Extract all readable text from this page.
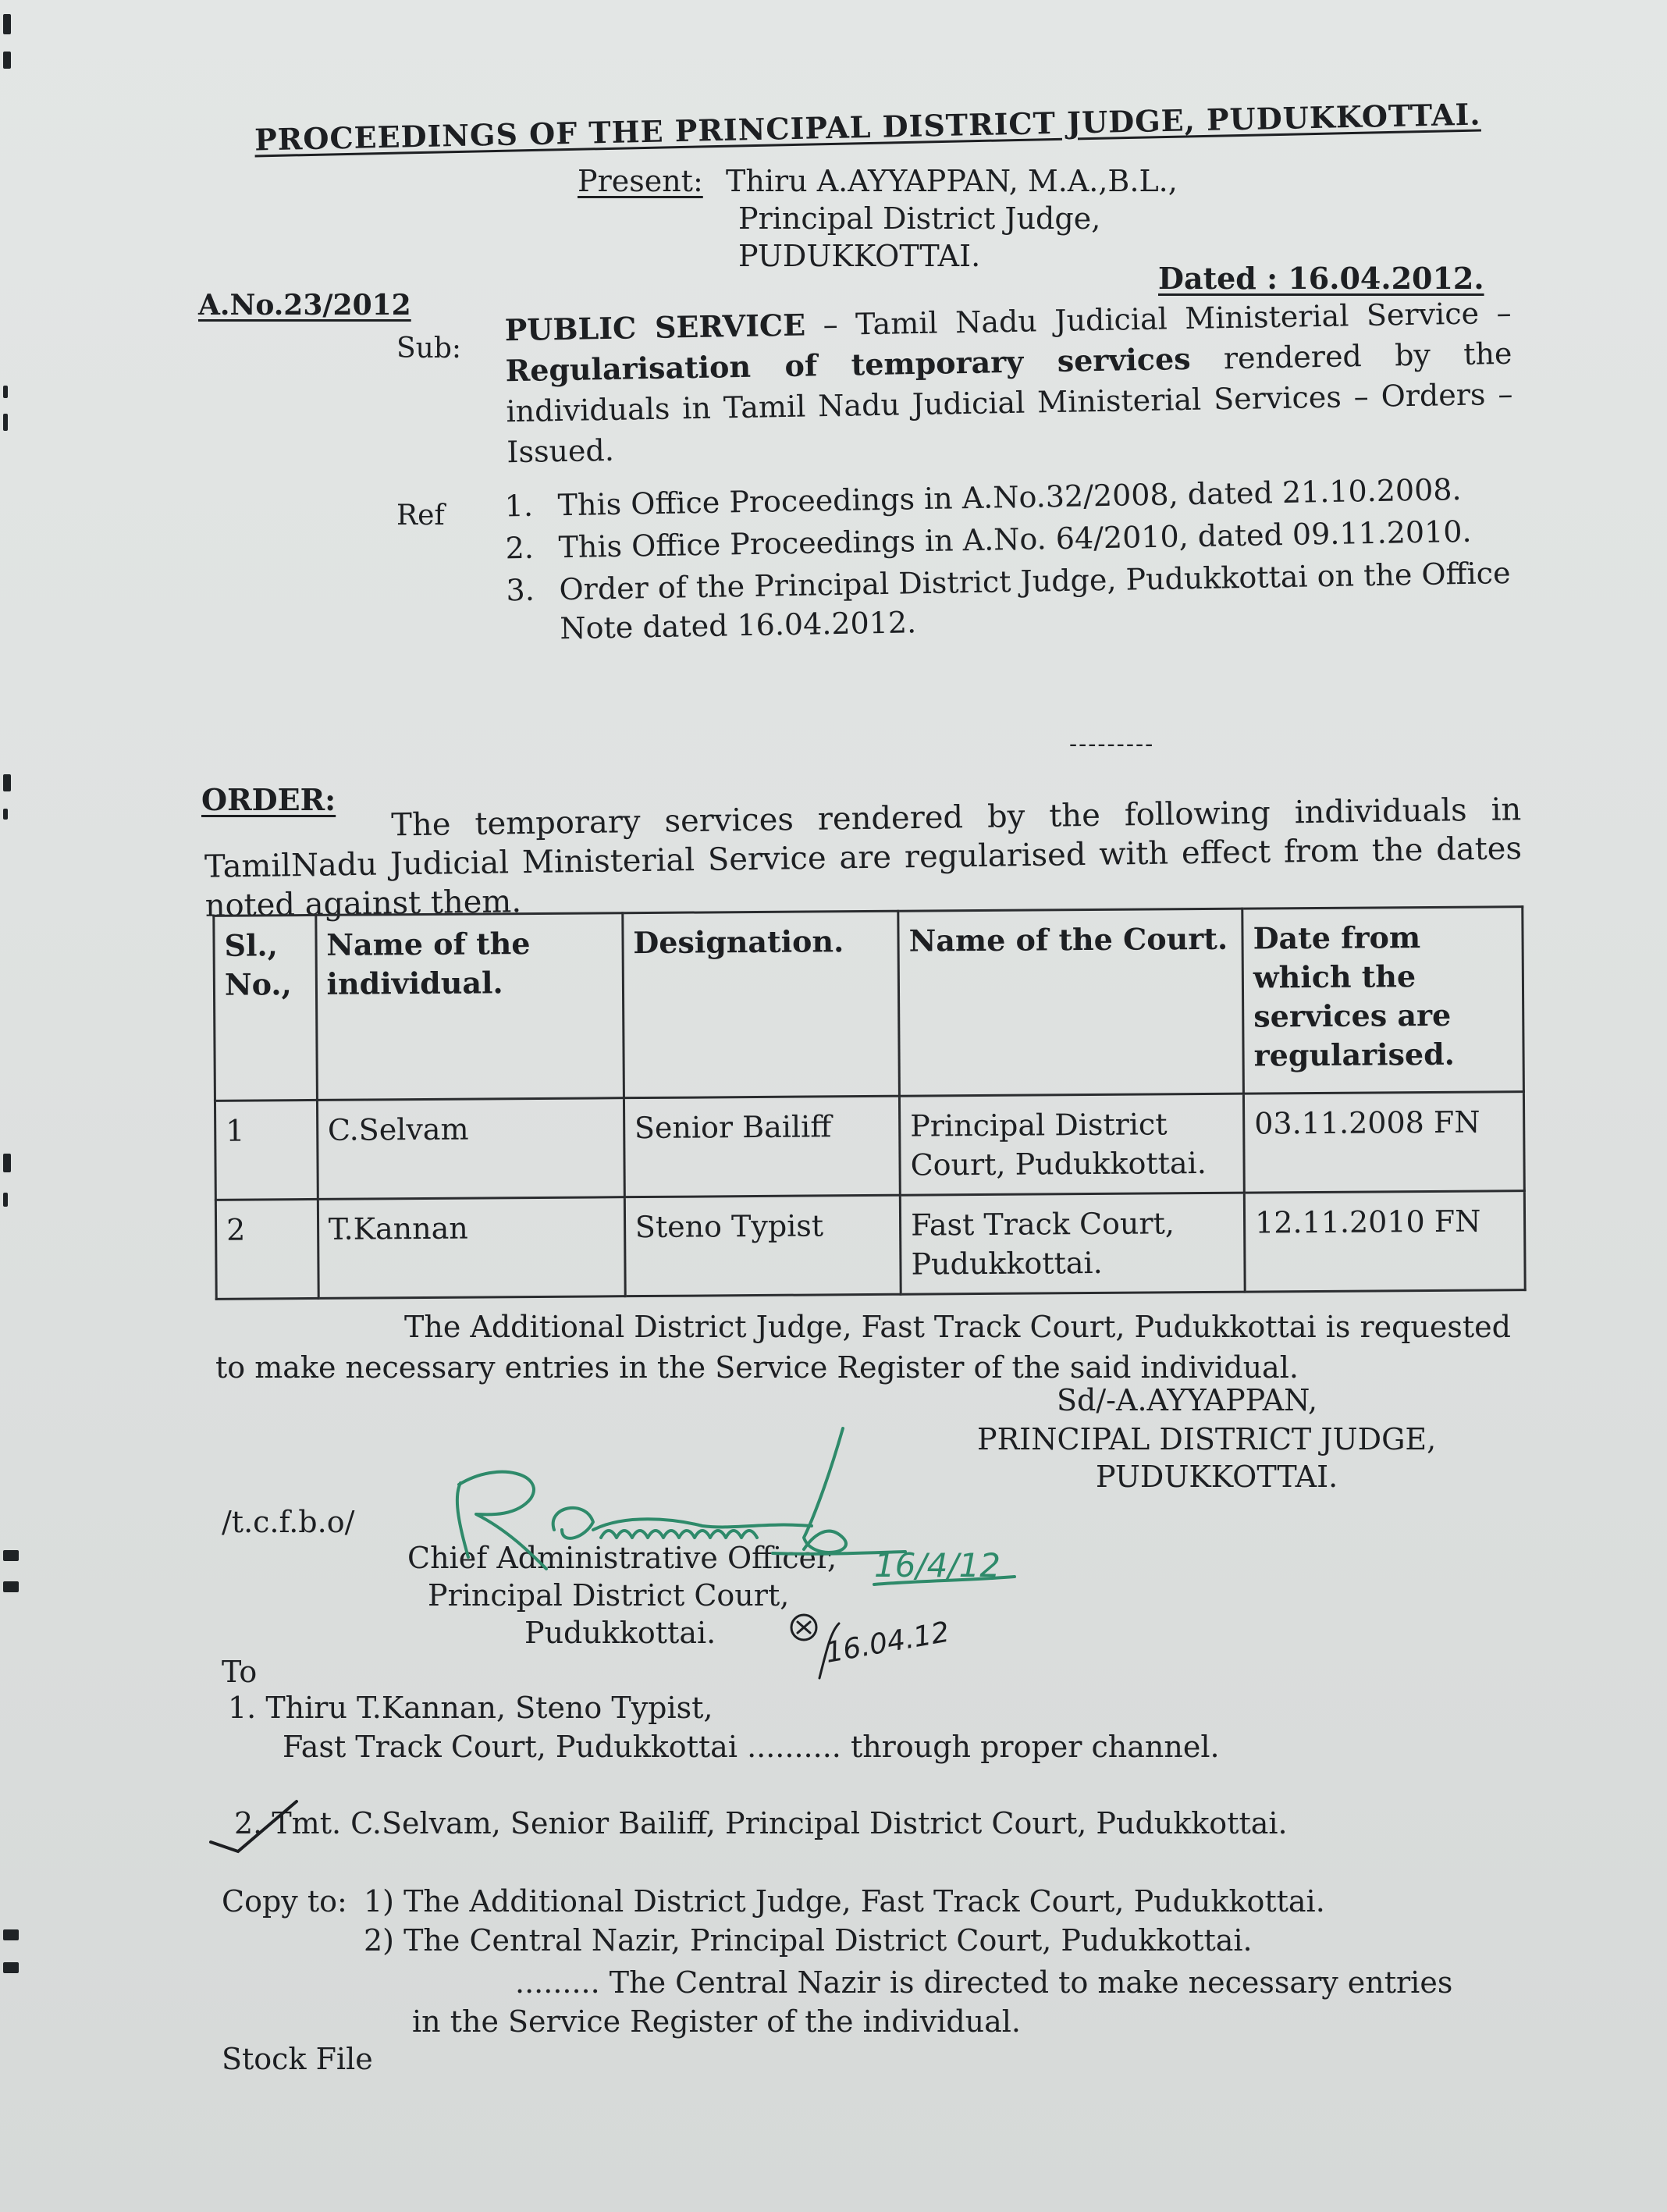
PROCEEDINGS OF THE PRINCIPAL DISTRICT JUDGE, PUDUKKOTTAI.
Present: Thiru A.AYYAPPAN, M.A.,B.L.,
Principal District Judge,
PUDUKKOTTAI.
A.No.23/2012
Dated : 16.04.2012.
Sub:
PUBLIC SERVICE – Tamil Nadu Judicial Ministerial Service – Regularisation of temporary services rendered by the individuals in Tamil Nadu Judicial Ministerial Services – Orders – Issued.
Ref 1. This Office Proceedings in A.No.32/2008, dated 21.10.2008.
2. This Office Proceedings in A.No. 64/2010, dated 09.11.2010.
3. Order of the Principal District Judge, Pudukkottai on the Office Note dated 16.04.2012.
---------
ORDER:	The temporary services rendered by the following individuals in TamilNadu Judicial Ministerial Service are regularised with effect from the dates noted against them.
Sl., No.,	Name of the individual.	Designation.	Name of the Court.	Date from which the services are regularised.
1	C.Selvam	Senior Bailiff	Principal District Court, Pudukkottai.	03.11.2008 FN
2	T.Kannan	Steno Typist	Fast Track Court, Pudukkottai.	12.11.2010 FN
The Additional District Judge, Fast Track Court, Pudukkottai is requested to make necessary entries in the Service Register of the said individual.
Sd/-A.AYYAPPAN,
PRINCIPAL DISTRICT JUDGE,
PUDUKKOTTAI.
/t.c.f.b.o/
Chief Administrative Officer,
Principal District Court,
Pudukkottai.
16/4/12
16.04.12
To
1. Thiru T.Kannan, Steno Typist,
Fast Track Court, Pudukkottai .......... through proper channel.
2. Tmt. C.Selvam, Senior Bailiff, Principal District Court, Pudukkottai.
Copy to: 1) The Additional District Judge, Fast Track Court, Pudukkottai.
2) The Central Nazir, Principal District Court, Pudukkottai.
......... The Central Nazir is directed to make necessary entries
in the Service Register of the individual.
Stock File
